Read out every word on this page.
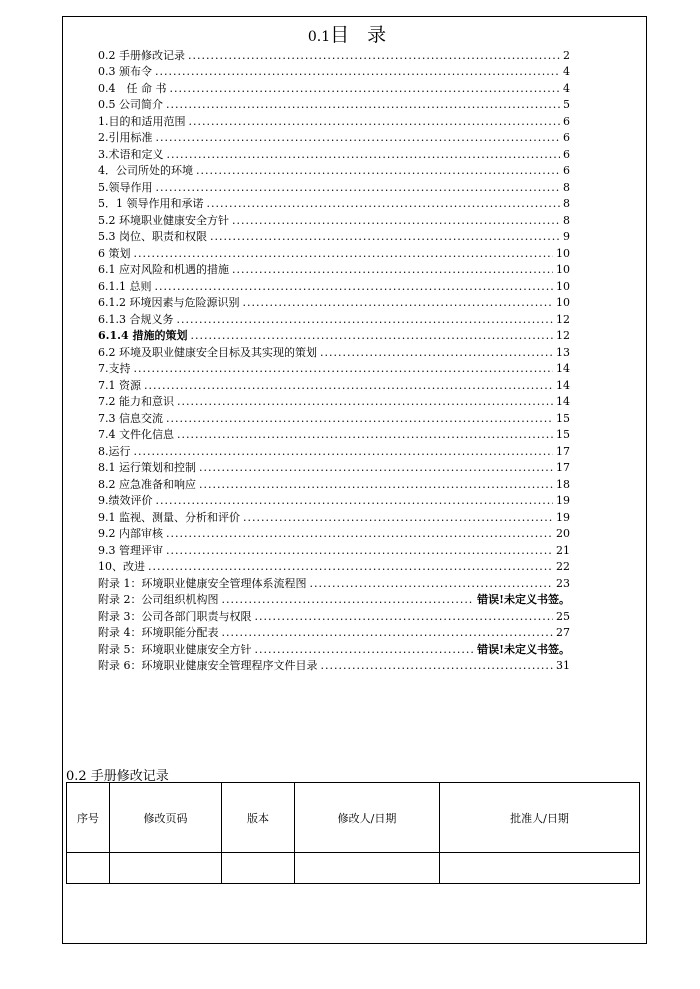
0.1目 录
0.2 手册修改记录 .....	2
0.3 颁布令 .....	4
0.4　任 命 书 .....	4
0.5 公司简介 .....	5
1.目的和适用范围 .....	6
2.引用标准 .....	6
3.术语和定义 .....	6
4．公司所处的环境 .....	6
5.领导作用 .....	8
5．1 领导作用和承诺 .....	8
5.2 环境职业健康安全方针 .....	8
5.3 岗位、职责和权限 .....	9
6 策划 .....	10
6.1 应对风险和机遇的措施 .....	10
6.1.1 总则 .....	10
6.1.2 环境因素与危险源识别 .....	10
6.1.3 合规义务 .....	12
6.1.4 措施的策划 .....	12
6.2 环境及职业健康安全目标及其实现的策划 .....	13
7.支持 .....	14
7.1 资源 .....	14
7.2 能力和意识 .....	14
7.3 信息交流 .....	15
7.4 文件化信息 .....	15
8.运行 .....	17
8.1 运行策划和控制 .....	17
8.2 应急准备和响应 .....	18
9.绩效评价 .....	19
9.1 监视、测量、分析和评价 .....	19
9.2 内部审核 .....	20
9.3 管理评审 .....	21
10、改进 .....	22
附录 1：环境职业健康安全管理体系流程图 .....	23
附录 2：公司组织机构图 .....	错误!未定义书签。
附录 3：公司各部门职责与权限 .....	25
附录 4：环境职能分配表 .....	27
附录 5：环境职业健康安全方针 .....	错误!未定义书签。
附录 6：环境职业健康安全管理程序文件目录 .....	31
0.2 手册修改记录
序号	修改页码	版本	修改人/日期	批准人/日期
